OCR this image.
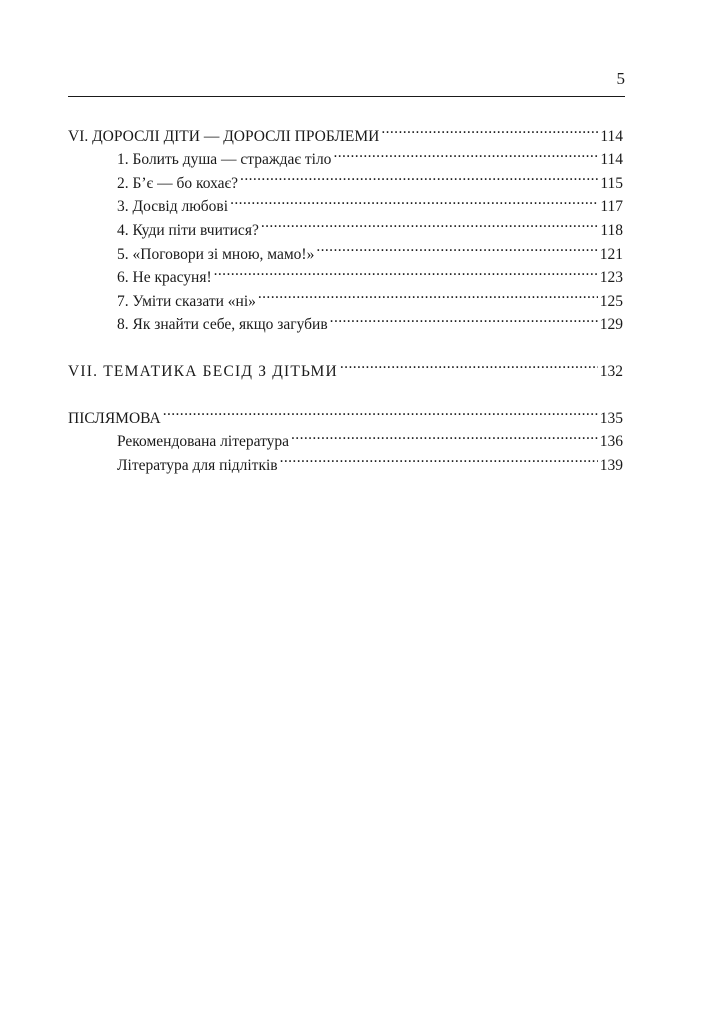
5
VI. ДОРОСЛІ ДІТИ — ДОРОСЛІ ПРОБЛЕМИ .....	114
1. Болить душа — страждає тіло .....	114
2. Б’є — бо кохає? .....	115
3. Досвід любові .....	117
4. Куди піти вчитися? .....	118
5. «Поговори зі мною, мамо!» .....	121
6. Не красуня! .....	123
7. Уміти сказати «ні» .....	125
8. Як знайти себе, якщо загубив .....	129
VII. ТЕМАТИКА БЕСІД З ДІТЬМИ .....	132
ПІСЛЯМОВА .....	135
Рекомендована література .....	136
Література для підлітків .....	139
